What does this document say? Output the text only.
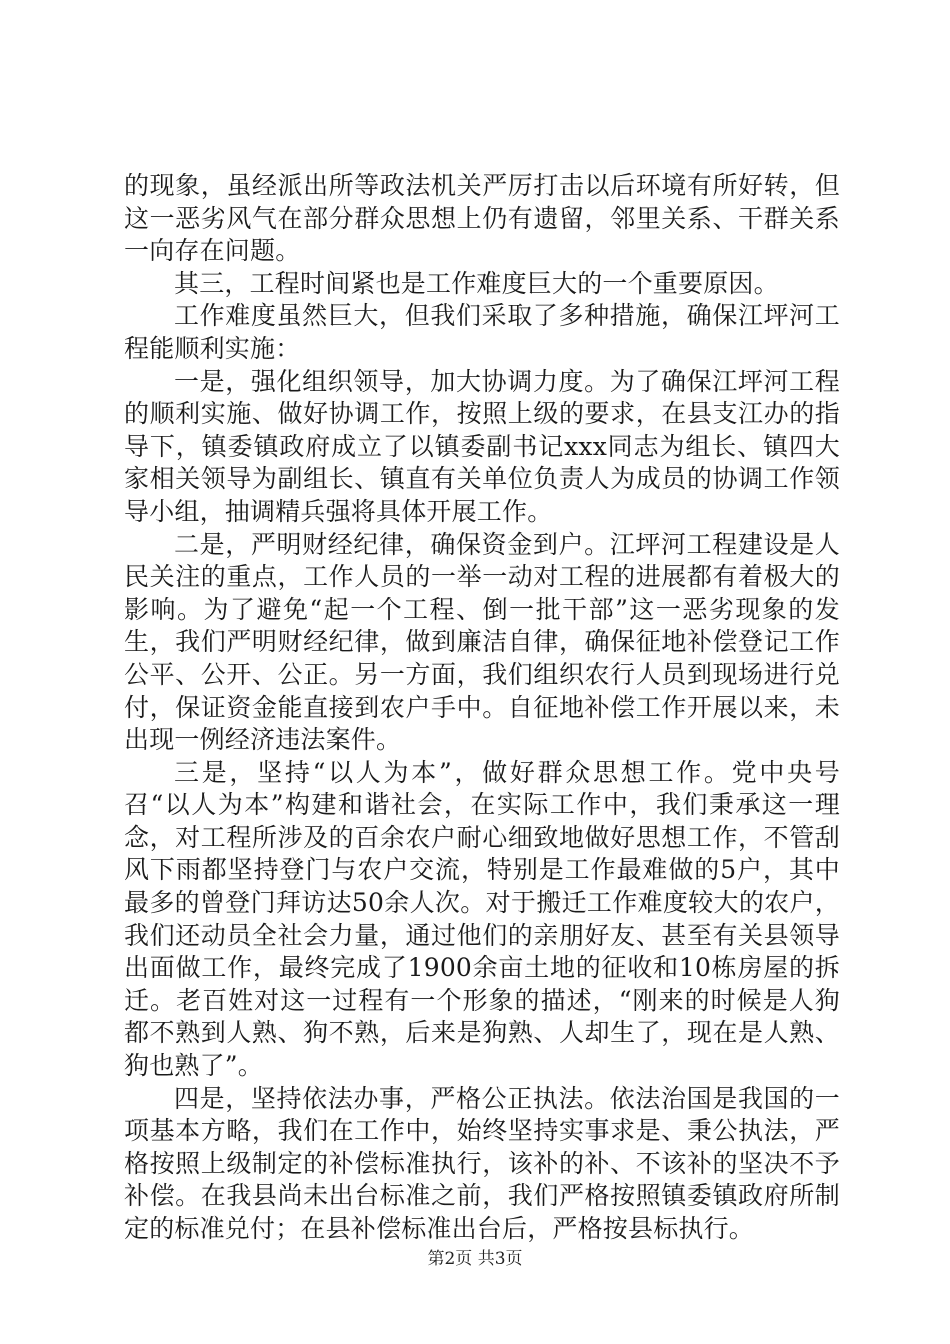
的现象，虽经派出所等政法机关严厉打击以后环境有所好转，但这一恶劣风气在部分群众思想上仍有遗留，邻里关系、干群关系一向存在问题。

其三，工程时间紧也是工作难度巨大的一个重要原因。

工作难度虽然巨大，但我们采取了多种措施，确保江坪河工程能顺利实施：

一是，强化组织领导，加大协调力度。为了确保江坪河工程的顺利实施、做好协调工作，按照上级的要求，在县支江办的指导下，镇委镇政府成立了以镇委副书记xxx同志为组长、镇四大家相关领导为副组长、镇直有关单位负责人为成员的协调工作领导小组，抽调精兵强将具体开展工作。

二是，严明财经纪律，确保资金到户。江坪河工程建设是人民关注的重点，工作人员的一举一动对工程的进展都有着极大的影响。为了避免“起一个工程、倒一批干部”这一恶劣现象的发生，我们严明财经纪律，做到廉洁自律，确保征地补偿登记工作公平、公开、公正。另一方面，我们组织农行人员到现场进行兑付，保证资金能直接到农户手中。自征地补偿工作开展以来，未出现一例经济违法案件。

三是，坚持“以人为本”，做好群众思想工作。党中央号召“以人为本”构建和谐社会，在实际工作中，我们秉承这一理念，对工程所涉及的百余农户耐心细致地做好思想工作，不管刮风下雨都坚持登门与农户交流，特别是工作最难做的5户，其中最多的曾登门拜访达50余人次。对于搬迁工作难度较大的农户，我们还动员全社会力量，通过他们的亲朋好友、甚至有关县领导出面做工作，最终完成了1900余亩土地的征收和10栋房屋的拆迁。老百姓对这一过程有一个形象的描述，“刚来的时候是人狗都不熟到人熟、狗不熟，后来是狗熟、人却生了，现在是人熟、狗也熟了”。

四是，坚持依法办事，严格公正执法。依法治国是我国的一项基本方略，我们在工作中，始终坚持实事求是、秉公执法，严格按照上级制定的补偿标准执行，该补的补、不该补的坚决不予补偿。在我县尚未出台标准之前，我们严格按照镇委镇政府所制定的标准兑付；在县补偿标准出台后，严格按县标执行。

第2页 共3页
